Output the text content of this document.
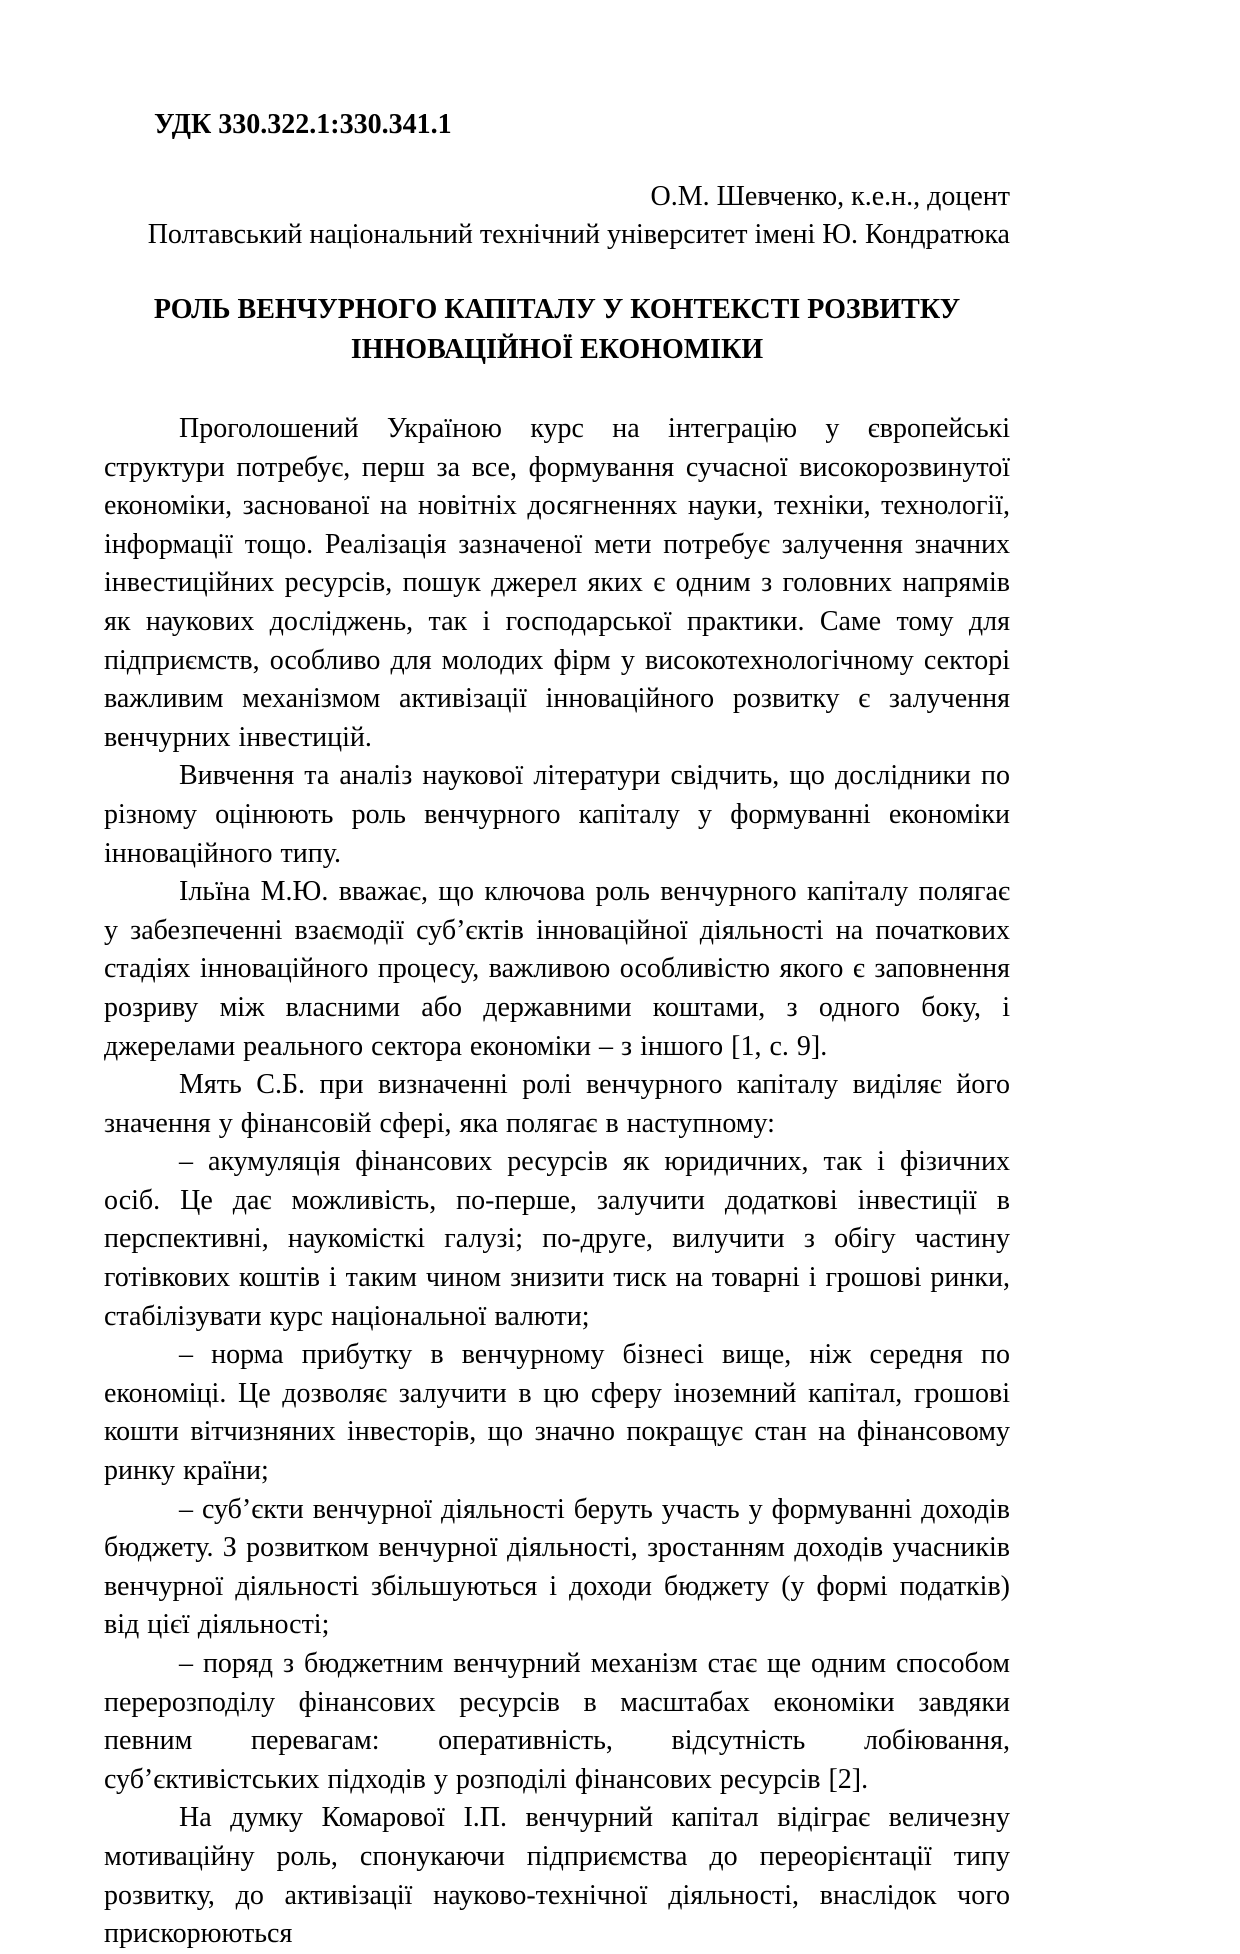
УДК 330.322.1:330.341.1

О.М. Шевченко, к.е.н., доцент

Полтавський національний технічний університет імені Ю. Кондратюка

РОЛЬ ВЕНЧУРНОГО КАПІТАЛУ У КОНТЕКСТІ РОЗВИТКУ
ІННОВАЦІЙНОЇ ЕКОНОМІКИ

Проголошений Україною курс на інтеграцію у європейські структури потребує, перш за все, формування сучасної високорозвинутої економіки, заснованої на новітніх досягненнях науки, техніки, технології, інформації тощо. Реалізація зазначеної мети потребує залучення значних інвестиційних ресурсів, пошук джерел яких є одним з головних напрямів як наукових досліджень, так і господарської практики. Саме тому для підприємств, особливо для молодих фірм у високотехнологічному секторі важливим механізмом активізації інноваційного розвитку є залучення венчурних інвестицій.

Вивчення та аналіз наукової літератури свідчить, що дослідники по різному оцінюють роль венчурного капіталу у формуванні економіки інноваційного типу.

Ільїна М.Ю. вважає, що ключова роль венчурного капіталу полягає у забезпеченні взаємодії суб’єктів інноваційної діяльності на початкових стадіях інноваційного процесу, важливою особливістю якого є заповнення розриву між власними або державними коштами, з одного боку, і джерелами реального сектора економіки – з іншого [1, с. 9].

Мять С.Б. при визначенні ролі венчурного капіталу виділяє його значення у фінансовій сфері, яка полягає в наступному:

– акумуляція фінансових ресурсів як юридичних, так і фізичних осіб. Це дає можливість, по-перше, залучити додаткові інвестиції в перспективні, наукомісткі галузі; по-друге, вилучити з обігу частину готівкових коштів і таким чином знизити тиск на товарні і грошові ринки, стабілізувати курс національної валюти;

– норма прибутку в венчурному бізнесі вище, ніж середня по економіці. Це дозволяє залучити в цю сферу іноземний капітал, грошові кошти вітчизняних інвесторів, що значно покращує стан на фінансовому ринку країни;

– суб’єкти венчурної діяльності беруть участь у формуванні доходів бюджету. З розвитком венчурної діяльності, зростанням доходів учасників венчурної діяльності збільшуються і доходи бюджету (у формі податків) від цієї діяльності;

– поряд з бюджетним венчурний механізм стає ще одним способом перерозподілу фінансових ресурсів в масштабах економіки завдяки певним перевагам: оперативність, відсутність лобіювання, суб’єктивістських підходів у розподілі фінансових ресурсів [2].

На думку Комарової І.П. венчурний капітал відіграє величезну мотиваційну роль, спонукаючи підприємства до переорієнтації типу розвитку, до активізації науково-технічної діяльності, внаслідок чого прискорюються
